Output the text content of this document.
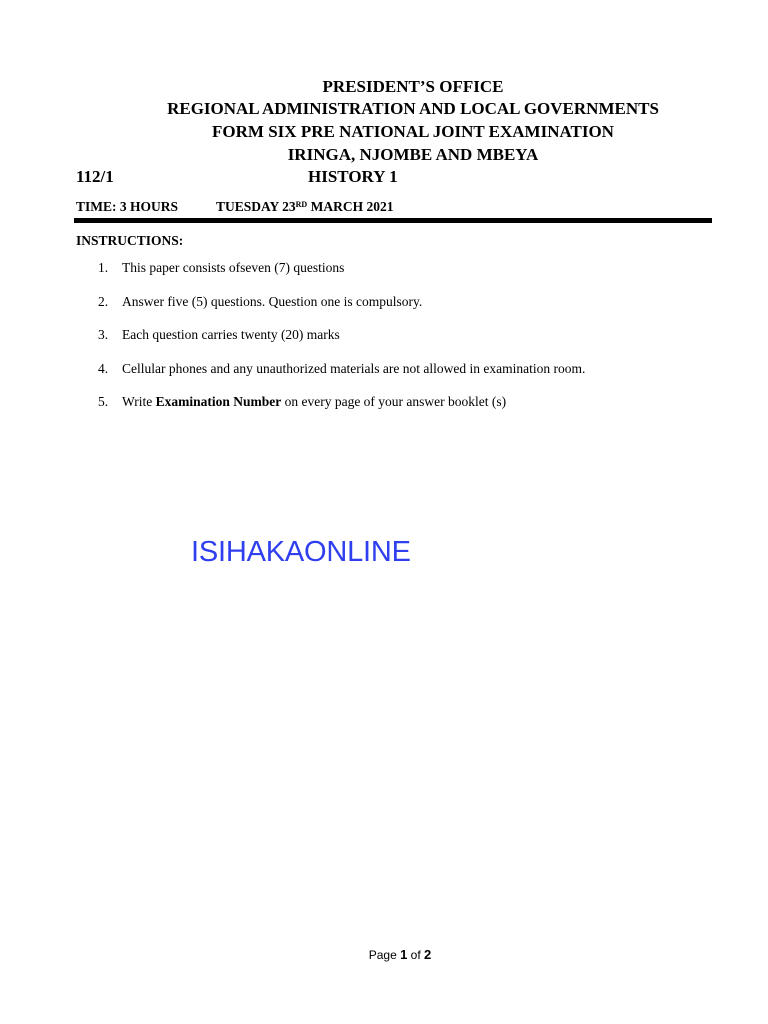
PRESIDENT’S OFFICE
REGIONAL ADMINISTRATION AND LOCAL GOVERNMENTS
FORM SIX PRE NATIONAL JOINT EXAMINATION
IRINGA, NJOMBE AND MBEYA
112/1	HISTORY 1
TIME: 3 HOURS	TUESDAY 23RD MARCH 2021
INSTRUCTIONS:
1. This paper consists ofseven (7) questions
2. Answer five (5) questions. Question one is compulsory.
3. Each question carries twenty (20) marks
4. Cellular phones and any unauthorized materials are not allowed in examination room.
5. Write Examination Number on every page of your answer booklet (s)
ISIHAKAONLINE
Page 1 of 2
